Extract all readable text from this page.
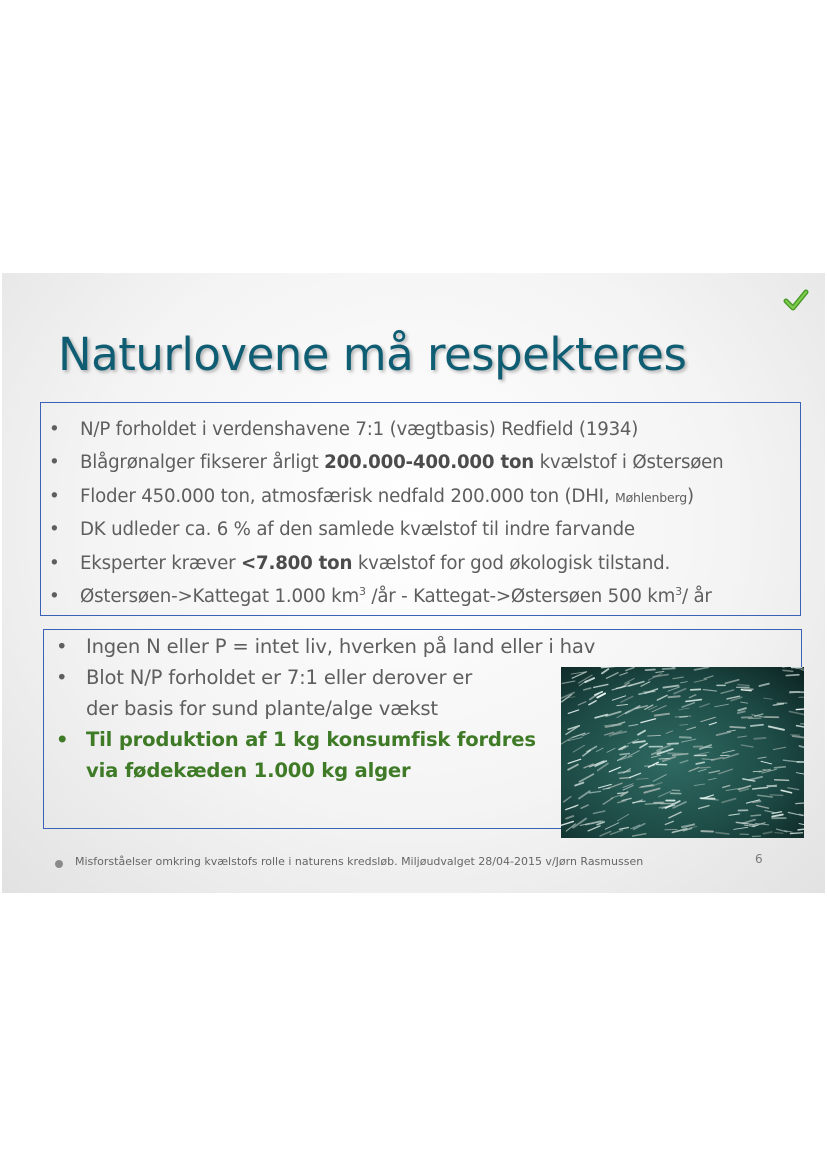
Naturlovene må respekteres
• N/P forholdet i verdenshavene 7:1 (vægtbasis) Redfield (1934)
• Blågrønalger fikserer årligt 200.000-400.000 ton kvælstof i Østersøen
• Floder 450.000 ton, atmosfærisk nedfald 200.000 ton (DHI, Møhlenberg)
• DK udleder ca. 6 % af den samlede kvælstof til indre farvande
• Eksperter kræver <7.800 ton kvælstof for god økologisk tilstand.
• Østersøen->Kattegat 1.000 $km^3$ /år - Kattegat->Østersøen 500 $km^3/$ år
• Ingen N eller P = intet liv, hverken på land eller i hav
• Blot N/P forholdet er 7:1 eller derover er
der basis for sund plante/alge vækst
• Til produktion af 1 kg konsumfisk fordres
via fødekæden 1.000 kg alger
Misforståelser omkring kvælstofs rolle i naturens kredsløb. Miljøudvalget 28/04-2015 v/Jørn Rasmussen	6
